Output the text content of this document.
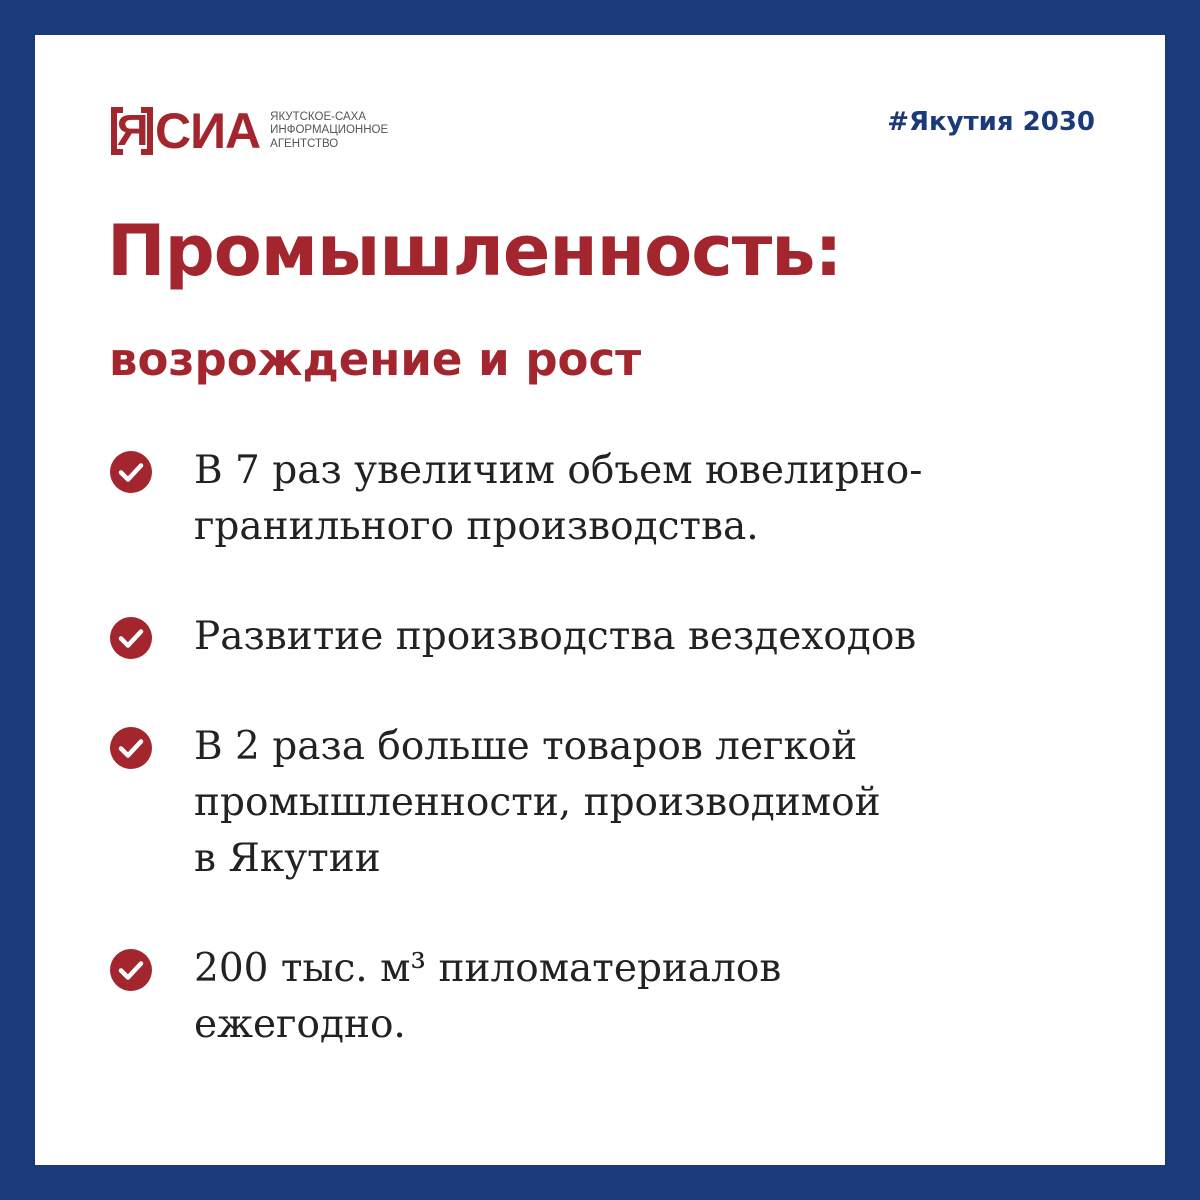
Я СИА ЯКУТСКОЕ-САХА
ИНФОРМАЦИОННОЕ
АГЕНТСТВО
#Якутия 2030
Промышленность:
возрождение и рост
В 7 раз увеличим объем ювелирно-
гранильного производства.
Развитие производства вездеходов
В 2 раза больше товаров легкой
промышленности, производимой
в Якутии
200 тыс. м³ пиломатериалов
ежегодно.
